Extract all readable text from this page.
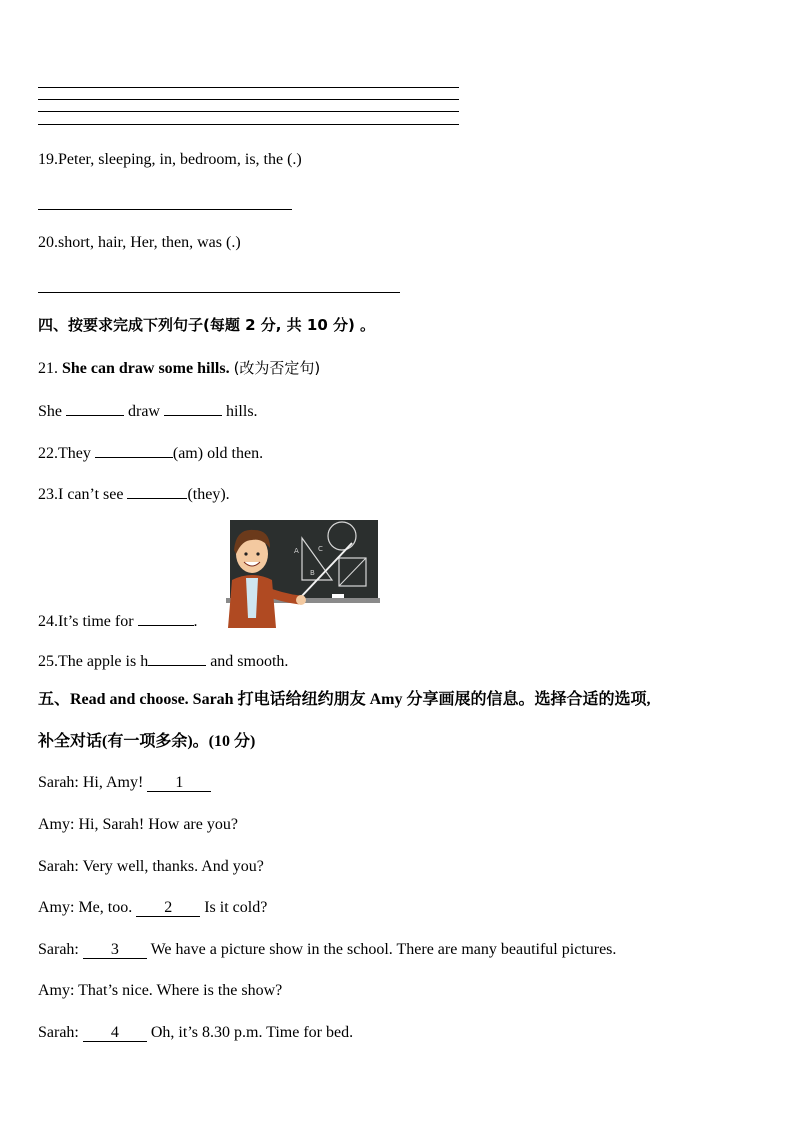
19.Peter, sleeping, in, bedroom, is, the (.)
20.short, hair, Her, then, was (.)
四、按要求完成下列句子(每题 2 分, 共 10 分) 。
21. She can draw some hills. (改为否定句)
She	draw	hills.
22.They	(am) old then.
23.I can’t see	(they).
A	C
B
24.It’s time for	.
25.The apple is h	and smooth.
五、Read and choose. Sarah 打电话给纽约朋友 Amy 分享画展的信息。选择合适的选项,
补全对话(有一项多余)。(10 分)
Sarah: Hi, Amy! 1
Amy: Hi, Sarah! How are you?
Sarah: Very well, thanks. And you?
Amy: Me, too. 2 Is it cold?
Sarah: 3 We have a picture show in the school. There are many beautiful pictures.
Amy: That’s nice. Where is the show?
Sarah: 4 Oh, it’s 8.30 p.m. Time for bed.
